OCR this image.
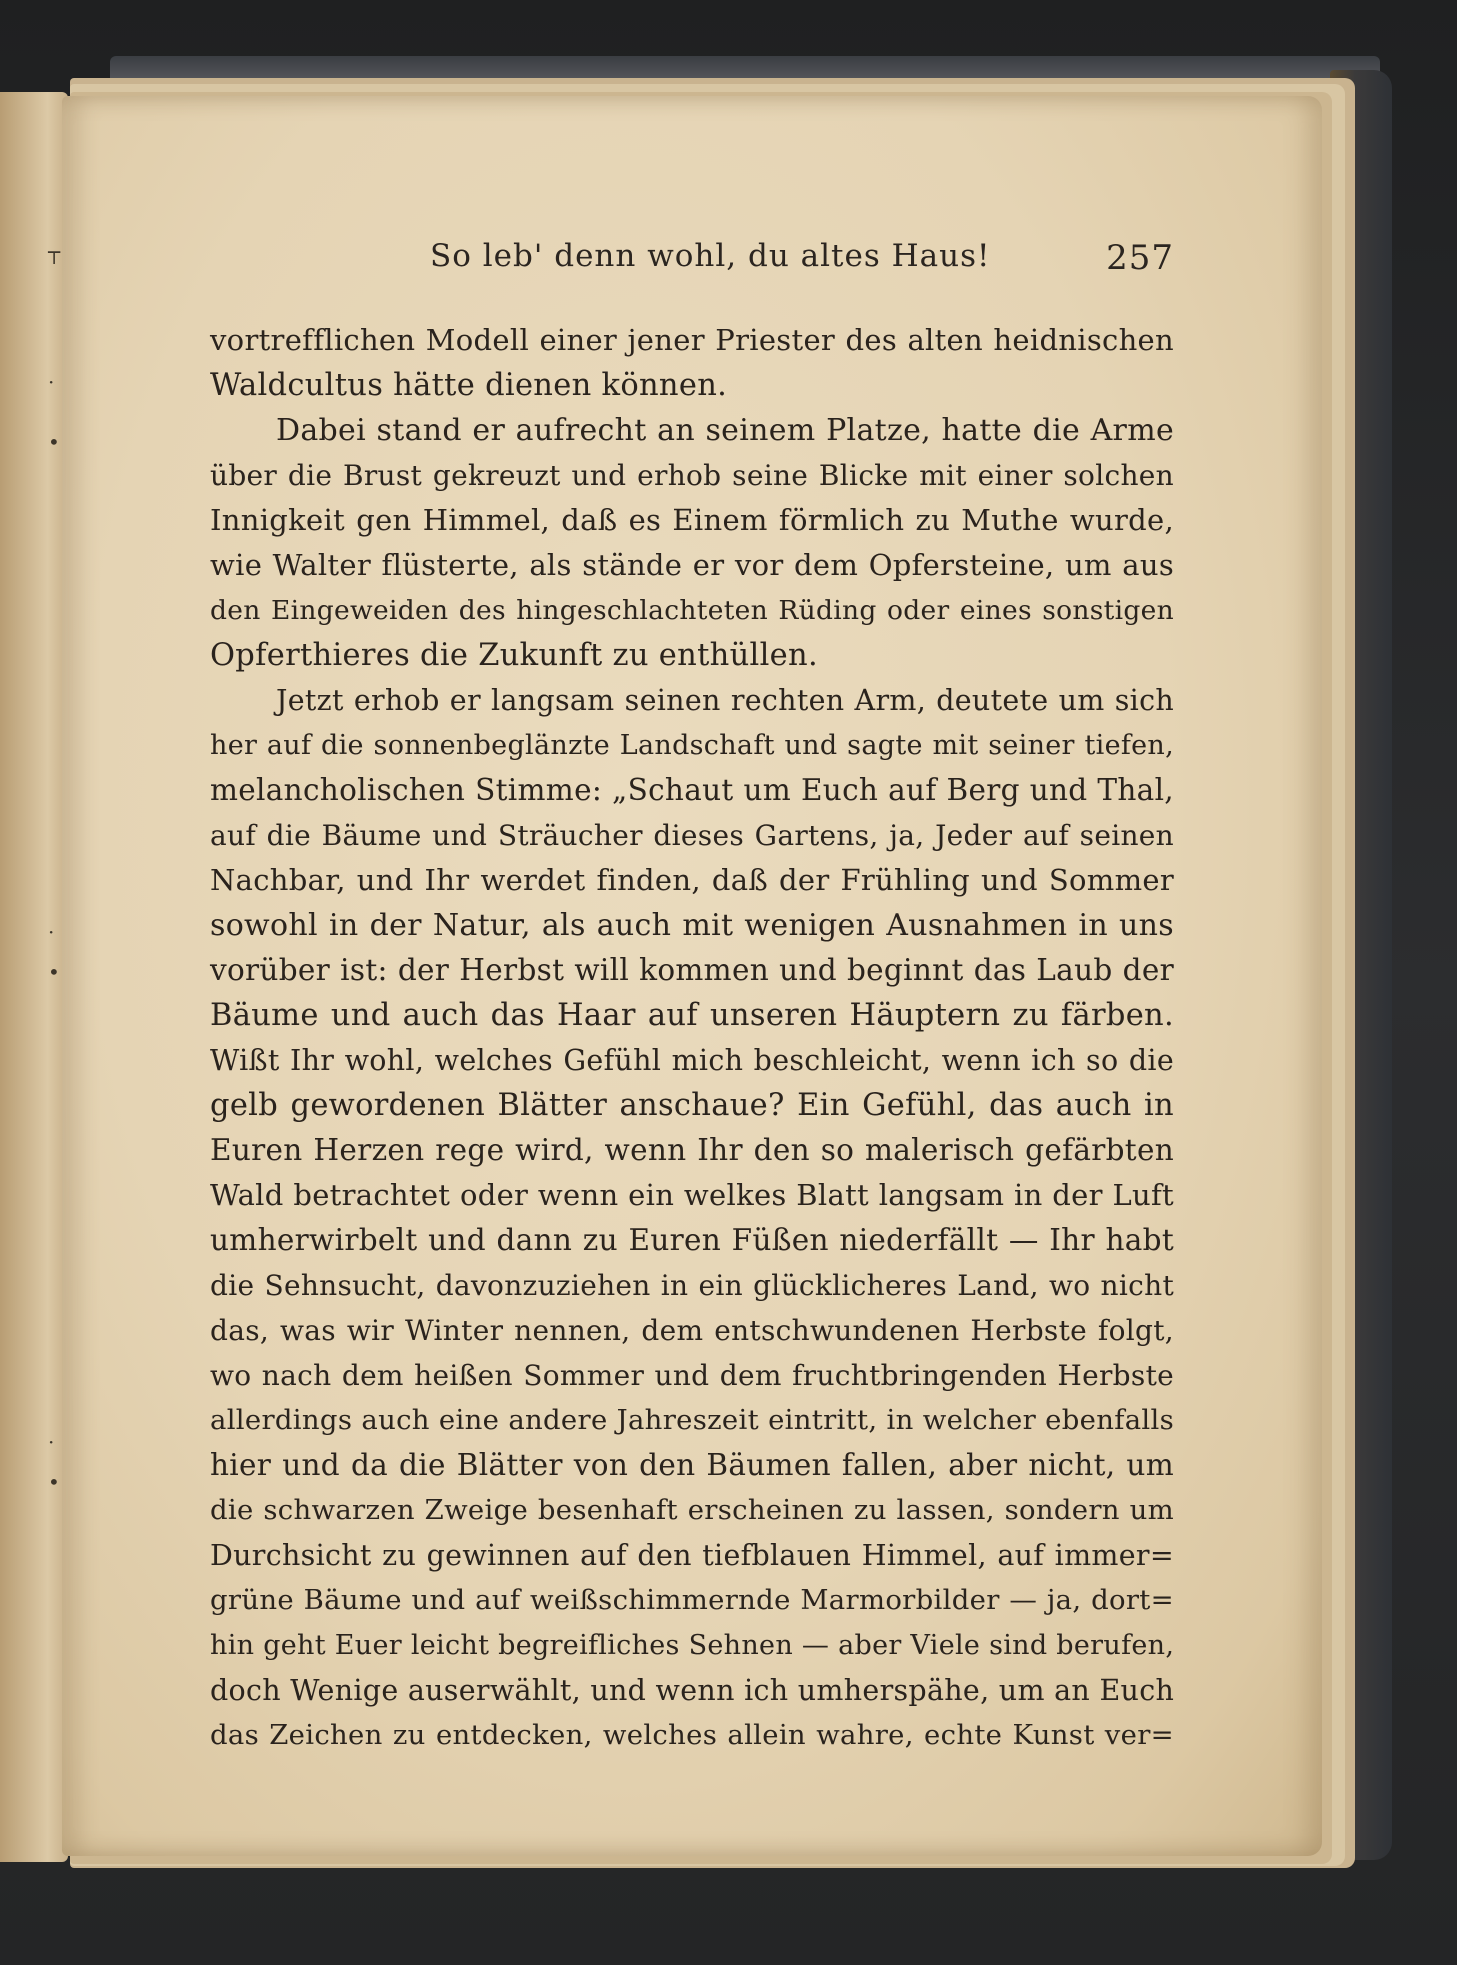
┬
·
•
·
•
·
•
So leb' denn wohl, du altes Haus!	257
vortrefflichen Modell einer jener Priester des alten heidnischen
Waldcultus hätte dienen können.
Dabei stand er aufrecht an seinem Platze, hatte die Arme
über die Brust gekreuzt und erhob seine Blicke mit einer solchen
Innigkeit gen Himmel, daß es Einem förmlich zu Muthe wurde,
wie Walter flüsterte, als stände er vor dem Opfersteine, um aus
den Eingeweiden des hingeschlachteten Rüding oder eines sonstigen
Opferthieres die Zukunft zu enthüllen.
Jetzt erhob er langsam seinen rechten Arm, deutete um sich
her auf die sonnenbeglänzte Landschaft und sagte mit seiner tiefen,
melancholischen Stimme: „Schaut um Euch auf Berg und Thal,
auf die Bäume und Sträucher dieses Gartens, ja, Jeder auf seinen
Nachbar, und Ihr werdet finden, daß der Frühling und Sommer
sowohl in der Natur, als auch mit wenigen Ausnahmen in uns
vorüber ist: der Herbst will kommen und beginnt das Laub der
Bäume und auch das Haar auf unseren Häuptern zu färben.
Wißt Ihr wohl, welches Gefühl mich beschleicht, wenn ich so die
gelb gewordenen Blätter anschaue? Ein Gefühl, das auch in
Euren Herzen rege wird, wenn Ihr den so malerisch gefärbten
Wald betrachtet oder wenn ein welkes Blatt langsam in der Luft
umherwirbelt und dann zu Euren Füßen niederfällt — Ihr habt
die Sehnsucht, davonzuziehen in ein glücklicheres Land, wo nicht
das, was wir Winter nennen, dem entschwundenen Herbste folgt,
wo nach dem heißen Sommer und dem fruchtbringenden Herbste
allerdings auch eine andere Jahreszeit eintritt, in welcher ebenfalls
hier und da die Blätter von den Bäumen fallen, aber nicht, um
die schwarzen Zweige besenhaft erscheinen zu lassen, sondern um
Durchsicht zu gewinnen auf den tiefblauen Himmel, auf immer=
grüne Bäume und auf weißschimmernde Marmorbilder — ja, dort=
hin geht Euer leicht begreifliches Sehnen — aber Viele sind berufen,
doch Wenige auserwählt, und wenn ich umherspähe, um an Euch
das Zeichen zu entdecken, welches allein wahre, echte Kunst ver=
